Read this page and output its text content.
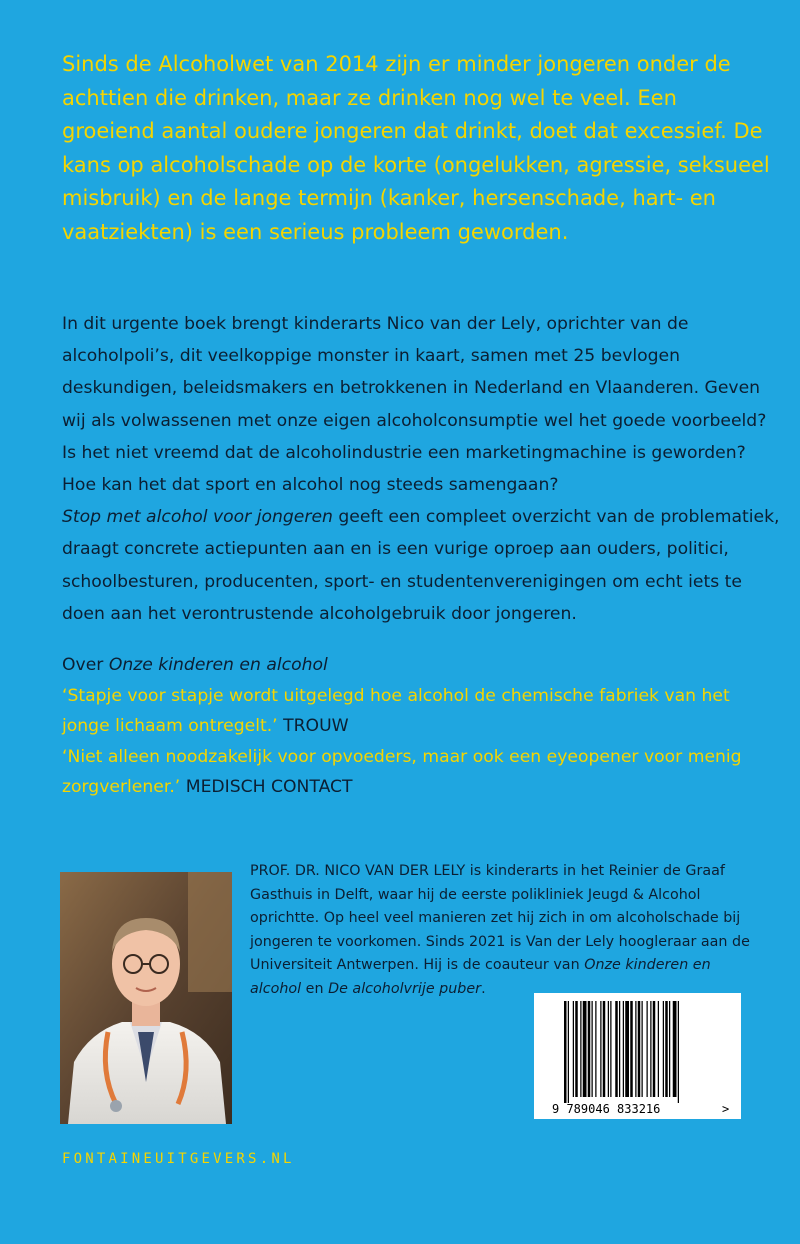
Sinds de Alcoholwet van 2014 zijn er minder jongeren onder de achttien die drinken, maar ze drinken nog wel te veel. Een groeiend aantal oudere jongeren dat drinkt, doet dat excessief. De kans op alcoholschade op de korte (ongelukken, agressie, seksueel misbruik) en de lange termijn (kanker, hersenschade, hart- en vaatziekten) is een serieus probleem geworden.

In dit urgente boek brengt kinderarts Nico van der Lely, oprichter van de alcoholpoli’s, dit veelkoppige monster in kaart, samen met 25 bevlogen deskundigen, beleidsmakers en betrokkenen in Nederland en Vlaanderen. Geven wij als volwassenen met onze eigen alcoholconsumptie wel het goede voorbeeld? Is het niet vreemd dat de alcoholindustrie een marketingmachine is geworden? Hoe kan het dat sport en alcohol nog steeds samengaan?
Stop met alcohol voor jongeren geeft een compleet overzicht van de problematiek, draagt concrete actiepunten aan en is een vurige oproep aan ouders, politici, schoolbesturen, producenten, sport- en studentenverenigingen om echt iets te doen aan het verontrustende alcoholgebruik door jongeren.

Over Onze kinderen en alcohol

‘Stapje voor stapje wordt uitgelegd hoe alcohol de chemische fabriek van het jonge lichaam ontregelt.’ TROUW

‘Niet alleen noodzakelijk voor opvoeders, maar ook een eyeopener voor menig zorgverlener.’ MEDISCH CONTACT

PROF. DR. NICO VAN DER LELY is kinderarts in het Reinier de Graaf Gasthuis in Delft, waar hij de eerste polikliniek Jeugd & Alcohol oprichtte. Op heel veel manieren zet hij zich in om alcoholschade bij jongeren te voorkomen. Sinds 2021 is Van der Lely hoogleraar aan de Universiteit Antwerpen. Hij is de coauteur van Onze kinderen en alcohol en De alcoholvrije puber.

9 789046 833216	>

FONTAINEUITGEVERS.NL
